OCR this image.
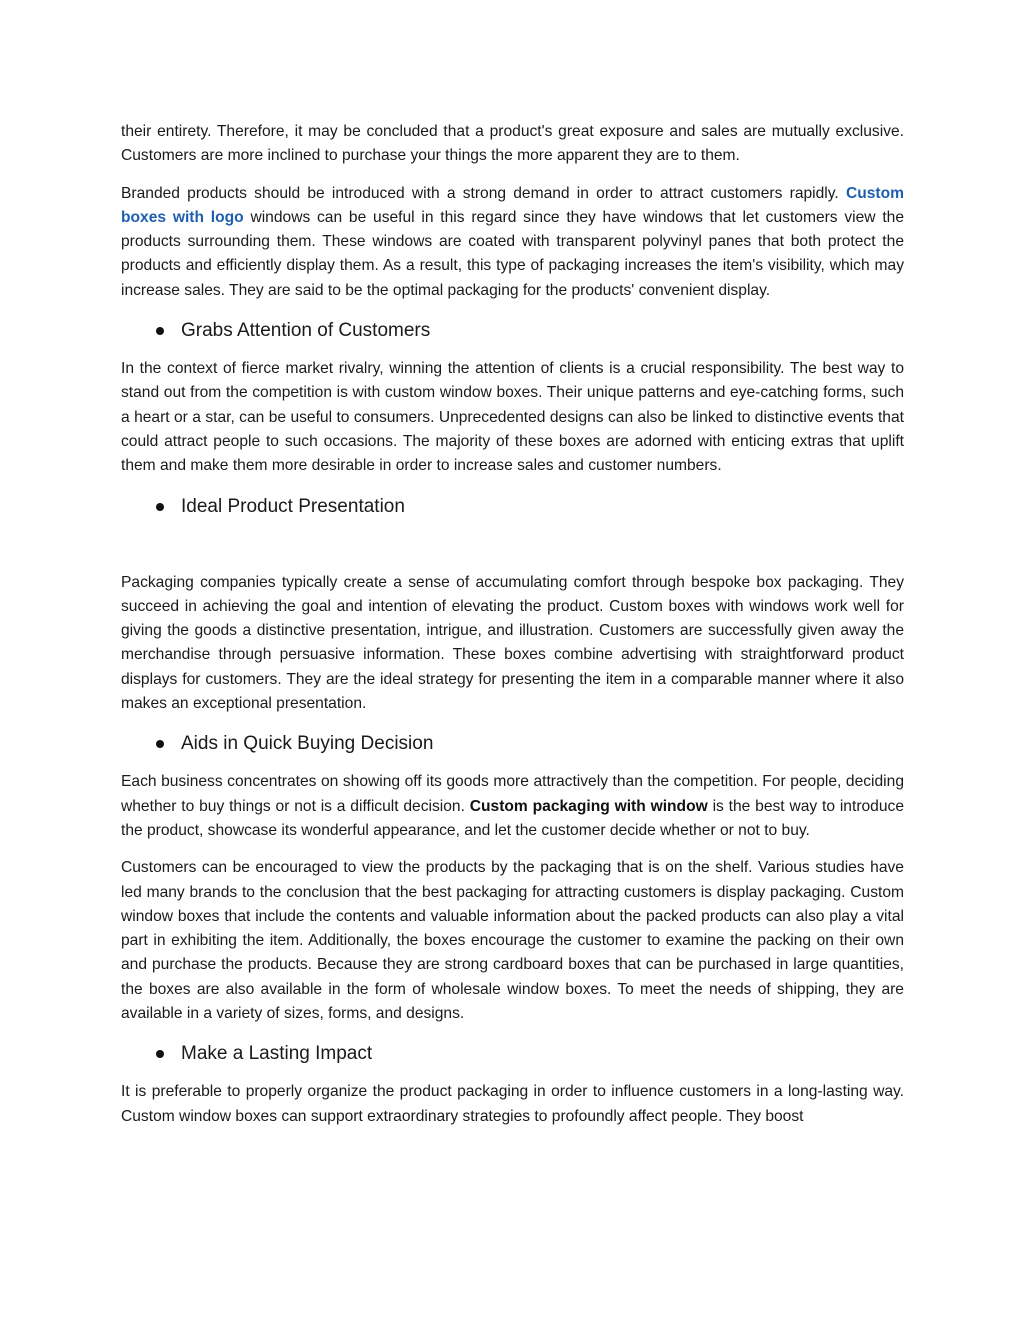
their entirety. Therefore, it may be concluded that a product's great exposure and sales are mutually exclusive. Customers are more inclined to purchase your things the more apparent they are to them.

Branded products should be introduced with a strong demand in order to attract customers rapidly. Custom boxes with logo windows can be useful in this regard since they have windows that let customers view the products surrounding them. These windows are coated with transparent polyvinyl panes that both protect the products and efficiently display them. As a result, this type of packaging increases the item's visibility, which may increase sales. They are said to be the optimal packaging for the products' convenient display.

Grabs Attention of Customers

In the context of fierce market rivalry, winning the attention of clients is a crucial responsibility. The best way to stand out from the competition is with custom window boxes. Their unique patterns and eye-catching forms, such a heart or a star, can be useful to consumers. Unprecedented designs can also be linked to distinctive events that could attract people to such occasions. The majority of these boxes are adorned with enticing extras that uplift them and make them more desirable in order to increase sales and customer numbers.

Ideal Product Presentation

Packaging companies typically create a sense of accumulating comfort through bespoke box packaging. They succeed in achieving the goal and intention of elevating the product. Custom boxes with windows work well for giving the goods a distinctive presentation, intrigue, and illustration. Customers are successfully given away the merchandise through persuasive information. These boxes combine advertising with straightforward product displays for customers. They are the ideal strategy for presenting the item in a comparable manner where it also makes an exceptional presentation.

Aids in Quick Buying Decision

Each business concentrates on showing off its goods more attractively than the competition. For people, deciding whether to buy things or not is a difficult decision. Custom packaging with window is the best way to introduce the product, showcase its wonderful appearance, and let the customer decide whether or not to buy.

Customers can be encouraged to view the products by the packaging that is on the shelf. Various studies have led many brands to the conclusion that the best packaging for attracting customers is display packaging. Custom window boxes that include the contents and valuable information about the packed products can also play a vital part in exhibiting the item. Additionally, the boxes encourage the customer to examine the packing on their own and purchase the products. Because they are strong cardboard boxes that can be purchased in large quantities, the boxes are also available in the form of wholesale window boxes. To meet the needs of shipping, they are available in a variety of sizes, forms, and designs.

Make a Lasting Impact

It is preferable to properly organize the product packaging in order to influence customers in a long-lasting way. Custom window boxes can support extraordinary strategies to profoundly affect people. They boost
